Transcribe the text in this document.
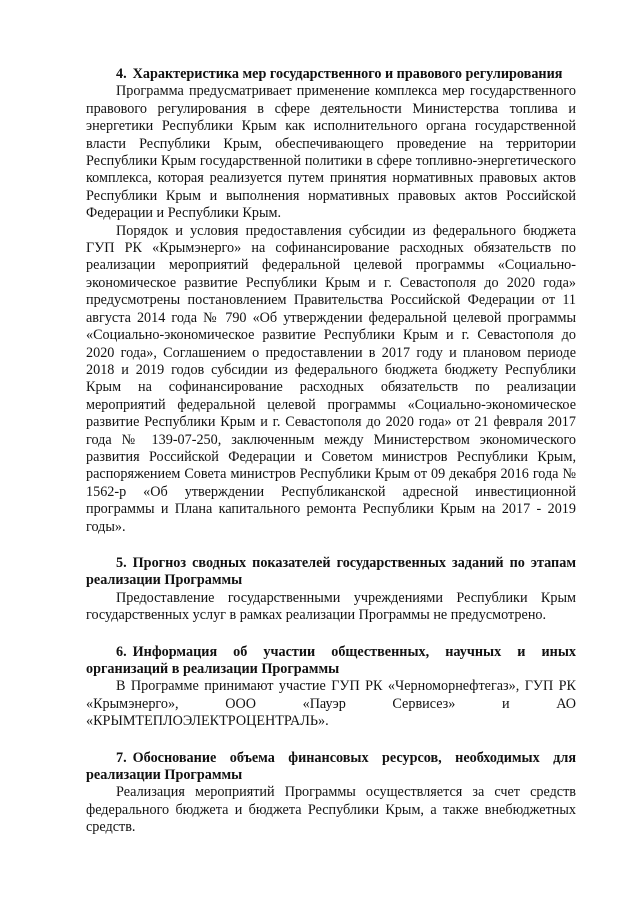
4. Характеристика мер государственного и правового регулирования

Программа предусматривает применение комплекса мер государственного правового регулирования в сфере деятельности Министерства топлива и энергетики Республики Крым как исполнительного органа государственной власти Республики Крым, обеспечивающего проведение на территории Республики Крым государственной политики в сфере топливно-энергетического комплекса, которая реализуется путем принятия нормативных правовых актов Республики Крым и выполнения нормативных правовых актов Российской Федерации и Республики Крым.

Порядок и условия предоставления субсидии из федерального бюджета ГУП РК «Крымэнерго» на софинансирование расходных обязательств по реализации мероприятий федеральной целевой программы «Социально-экономическое развитие Республики Крым и г. Севастополя до 2020 года» предусмотрены постановлением Правительства Российской Федерации от 11 августа 2014 года № 790 «Об утверждении федеральной целевой программы «Социально-экономическое развитие Республики Крым и г. Севастополя до 2020 года», Соглашением о предоставлении в 2017 году и плановом периоде 2018 и 2019 годов субсидии из федерального бюджета бюджету Республики Крым на софинансирование расходных обязательств по реализации мероприятий федеральной целевой программы «Социально-экономическое развитие Республики Крым и г. Севастополя до 2020 года» от 21 февраля 2017 года № 139-07-250, заключенным между Министерством экономического развития Российской Федерации и Советом министров Республики Крым, распоряжением Совета министров Республики Крым от 09 декабря 2016 года № 1562-р «Об утверждении Республиканской адресной инвестиционной программы и Плана капитального ремонта Республики Крым на 2017 - 2019 годы».

5. Прогноз сводных показателей государственных заданий по этапам реализации Программы

Предоставление государственными учреждениями Республики Крым государственных услуг в рамках реализации Программы не предусмотрено.

6. Информация об участии общественных, научных и иных организаций в реализации Программы

В Программе принимают участие ГУП РК «Черноморнефтегаз», ГУП РК «Крымэнерго», ООО «Пауэр Сервисез» и АО «КРЫМТЕПЛОЭЛЕКТРОЦЕНТРАЛЬ».

7. Обоснование объема финансовых ресурсов, необходимых для реализации Программы

Реализация мероприятий Программы осуществляется за счет средств федерального бюджета и бюджета Республики Крым, а также внебюджетных средств.
